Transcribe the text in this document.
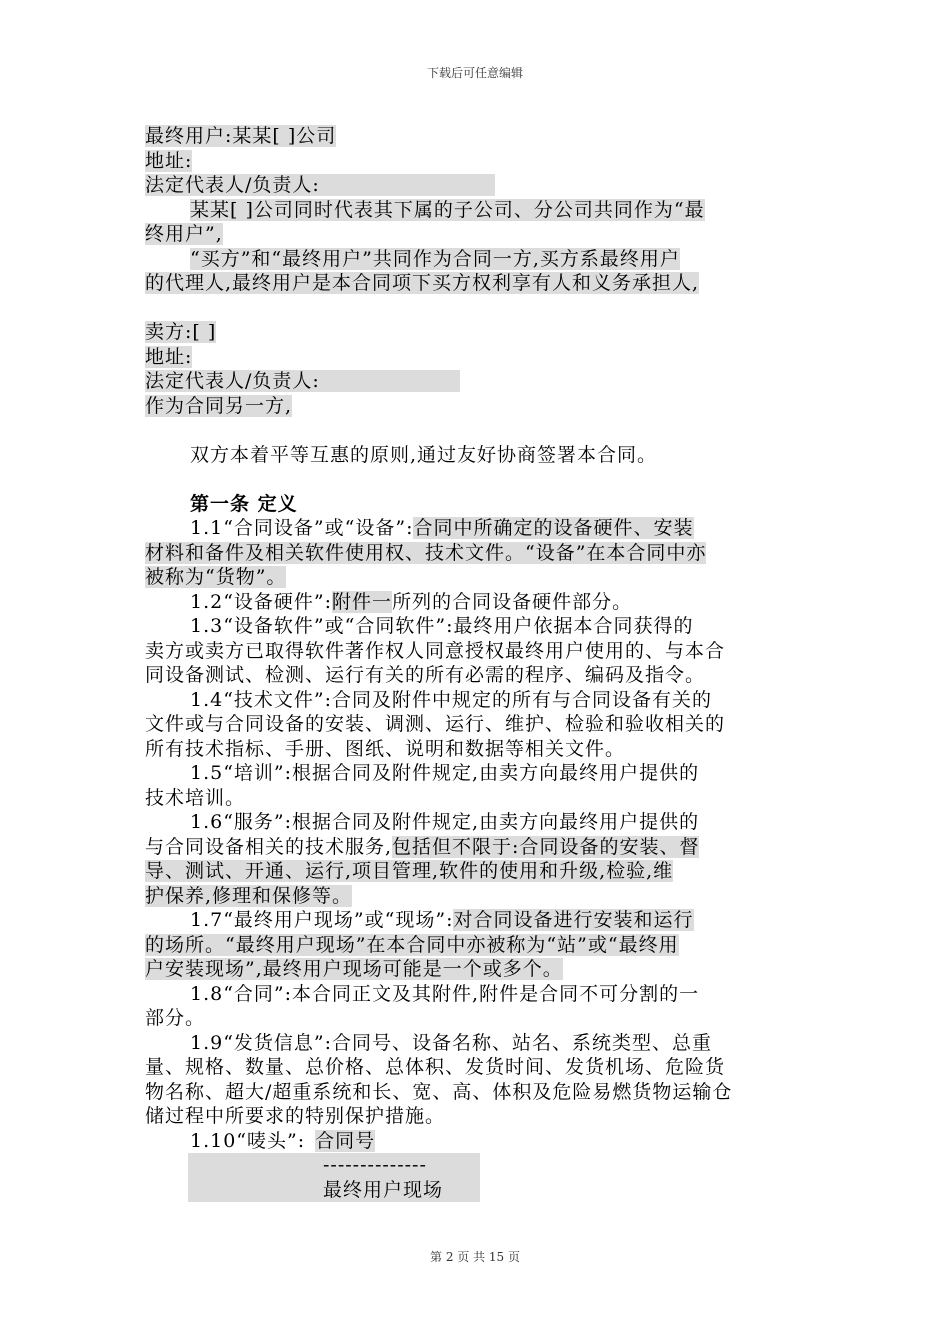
下载后可任意编辑
最终用户:某某[ ]公司
地址:
法定代表人/负责人:
某某[ ]公司同时代表其下属的子公司、分公司共同作为“最
终用户”,
“买方”和“最终用户”共同作为合同一方,买方系最终用户
的代理人,最终用户是本合同项下买方权利享有人和义务承担人,
卖方:[ ]
地址:
法定代表人/负责人:
作为合同另一方,
双方本着平等互惠的原则,通过友好协商签署本合同。
第一条 定义
1.1“合同设备”或“设备”:合同中所确定的设备硬件、安装
材料和备件及相关软件使用权、技术文件。“设备”在本合同中亦
被称为“货物”。
1.2“设备硬件”:附件一所列的合同设备硬件部分。
1.3“设备软件”或“合同软件”:最终用户依据本合同获得的
卖方或卖方已取得软件著作权人同意授权最终用户使用的、与本合
同设备测试、检测、运行有关的所有必需的程序、编码及指令。
1.4“技术文件”:合同及附件中规定的所有与合同设备有关的
文件或与合同设备的安装、调测、运行、维护、检验和验收相关的
所有技术指标、手册、图纸、说明和数据等相关文件。
1.5“培训”:根据合同及附件规定,由卖方向最终用户提供的
技术培训。
1.6“服务”:根据合同及附件规定,由卖方向最终用户提供的
与合同设备相关的技术服务,包括但不限于:合同设备的安装、督
导、测试、开通、运行,项目管理,软件的使用和升级,检验,维
护保养,修理和保修等。
1.7“最终用户现场”或“现场”:对合同设备进行安装和运行
的场所。“最终用户现场”在本合同中亦被称为“站”或“最终用
户安装现场”,最终用户现场可能是一个或多个。
1.8“合同”:本合同正文及其附件,附件是合同不可分割的一
部分。
1.9“发货信息”:合同号、设备名称、站名、系统类型、总重
量、规格、数量、总价格、总体积、发货时间、发货机场、危险货
物名称、超大/超重系统和长、宽、高、体积及危险易燃货物运输仓
储过程中所要求的特别保护措施。
1.10“唛头”: 合同号
--------------
最终用户现场
第 2 页 共 15 页
